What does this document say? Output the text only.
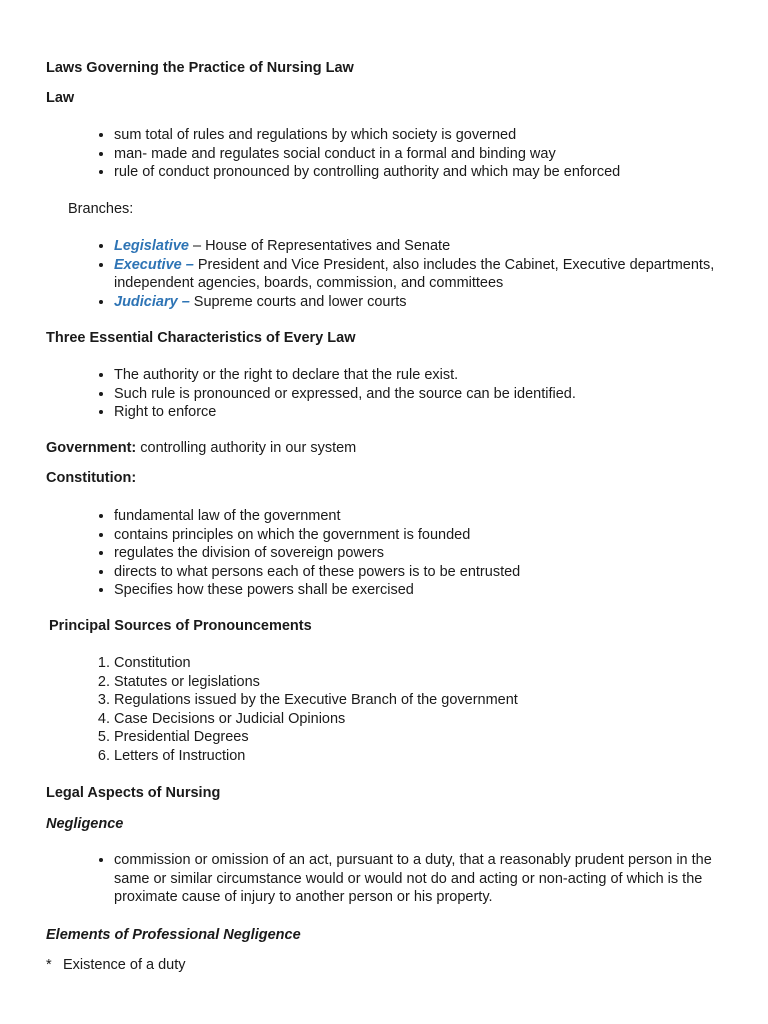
Laws Governing the Practice of Nursing Law
Law
• sum total of rules and regulations by which society is governed
• man- made and regulates social conduct in a formal and binding way
• rule of conduct pronounced by controlling authority and which may be enforced
Branches:
• Legislative – House of Representatives and Senate
• Executive – President and Vice President, also includes the Cabinet, Executive departments, independent agencies, boards, commission, and committees
• Judiciary – Supreme courts and lower courts
Three Essential Characteristics of Every Law
• The authority or the right to declare that the rule exist.
• Such rule is pronounced or expressed, and the source can be identified.
• Right to enforce
Government: controlling authority in our system
Constitution:
• fundamental law of the government
• contains principles on which the government is founded
• regulates the division of sovereign powers
• directs to what persons each of these powers is to be entrusted
• Specifies how these powers shall be exercised
Principal Sources of Pronouncements
1. Constitution
2. Statutes or legislations
3. Regulations issued by the Executive Branch of the government
4. Case Decisions or Judicial Opinions
5. Presidential Degrees
6. Letters of Instruction
Legal Aspects of Nursing
Negligence
• commission or omission of an act, pursuant to a duty, that a reasonably prudent person in the same or similar circumstance would or would not do and acting or non-acting of which is the proximate cause of injury to another person or his property.
Elements of Professional Negligence
* Existence of a duty
